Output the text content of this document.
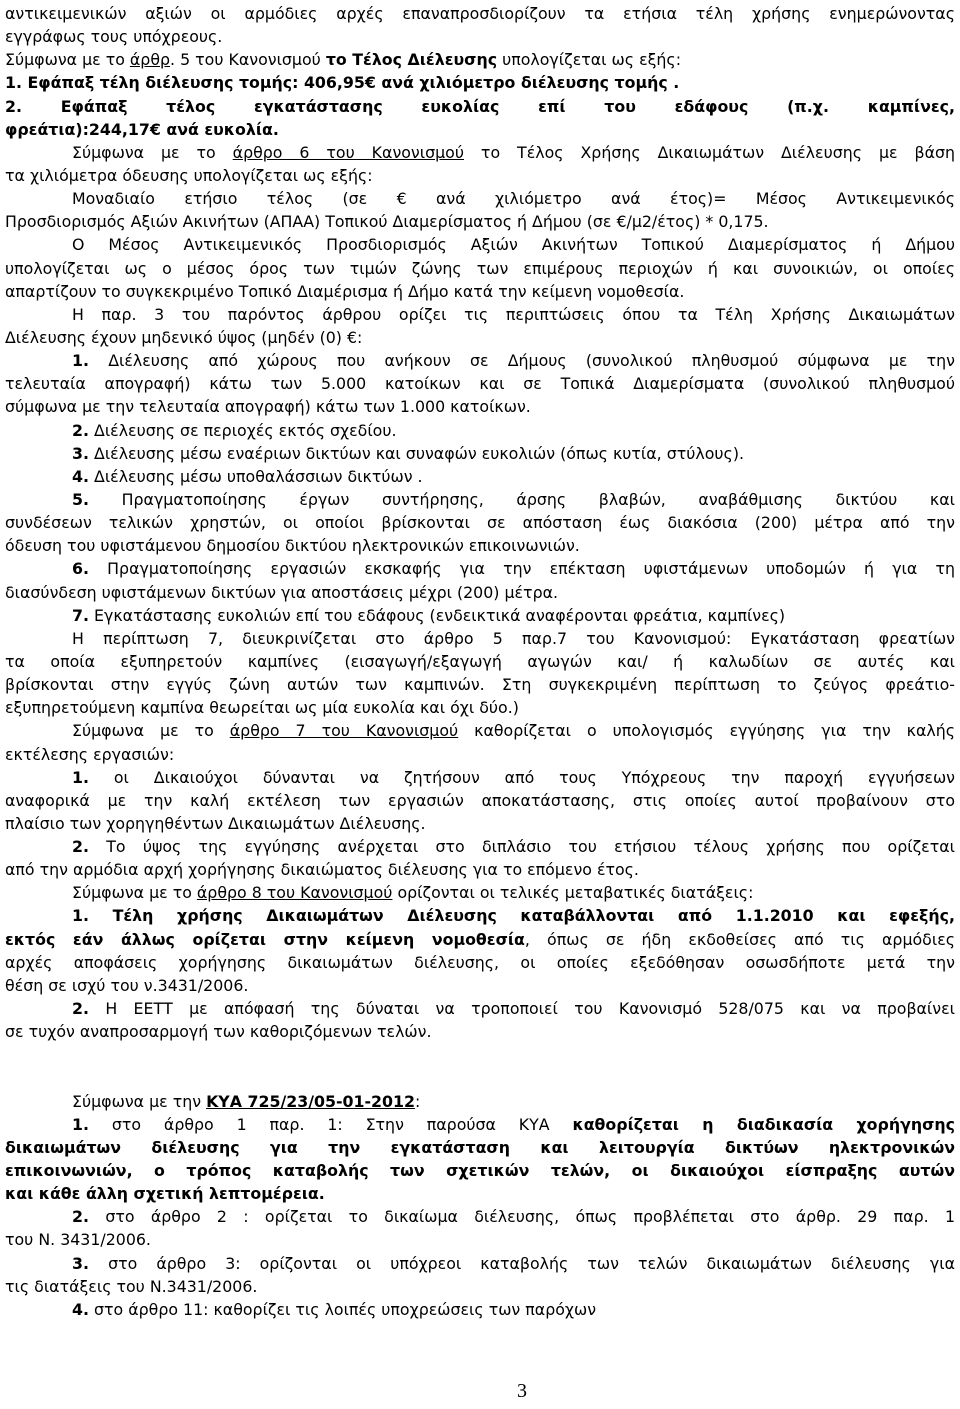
αντικειμενικών αξιών οι αρμόδιες αρχές επαναπροσδιορίζουν τα ετήσια τέλη χρήσης ενημερώνοντας
εγγράφως τους υπόχρεους.
Σύμφωνα με το άρθρ. 5 του Κανονισμού το Τέλος Διέλευσης υπολογίζεται ως εξής:
1. Εφάπαξ τέλη διέλευσης τομής: 406,95€ ανά χιλιόμετρο διέλευσης τομής .
2. Εφάπαξ τέλος εγκατάστασης ευκολίας επί του εδάφους (π.χ. καμπίνες,
φρεάτια):244,17€ ανά ευκολία.
Σύμφωνα με το άρθρο 6 του Κανονισμού το Τέλος Χρήσης Δικαιωμάτων Διέλευσης με βάση
τα χιλιόμετρα όδευσης υπολογίζεται ως εξής:
Μοναδιαίο ετήσιο τέλος (σε € ανά χιλιόμετρο ανά έτος)= Μέσος Αντικειμενικός
Προσδιορισμός Αξιών Ακινήτων (ΑΠΑΑ) Τοπικού Διαμερίσματος ή Δήμου (σε €/μ2/έτος) * 0,175.
Ο Μέσος Αντικειμενικός Προσδιορισμός Αξιών Ακινήτων Τοπικού Διαμερίσματος ή Δήμου
υπολογίζεται ως ο μέσος όρος των τιμών ζώνης των επιμέρους περιοχών ή και συνοικιών, οι οποίες
απαρτίζουν το συγκεκριμένο Τοπικό Διαμέρισμα ή Δήμο κατά την κείμενη νομοθεσία.
Η παρ. 3 του παρόντος άρθρου ορίζει τις περιπτώσεις όπου τα Τέλη Χρήσης Δικαιωμάτων
Διέλευσης έχουν μηδενικό ύψος (μηδέν (0) €:
1. Διέλευσης από χώρους που ανήκουν σε Δήμους (συνολικού πληθυσμού σύμφωνα με την
τελευταία απογραφή) κάτω των 5.000 κατοίκων και σε Τοπικά Διαμερίσματα (συνολικού πληθυσμού
σύμφωνα με την τελευταία απογραφή) κάτω των 1.000 κατοίκων.
2. Διέλευσης σε περιοχές εκτός σχεδίου.
3. Διέλευσης μέσω εναέριων δικτύων και συναφών ευκολιών (όπως κυτία, στύλους).
4. Διέλευσης μέσω υποθαλάσσιων δικτύων .
5. Πραγματοποίησης έργων συντήρησης, άρσης βλαβών, αναβάθμισης δικτύου και
συνδέσεων τελικών χρηστών, οι οποίοι βρίσκονται σε απόσταση έως διακόσια (200) μέτρα από την
όδευση του υφιστάμενου δημοσίου δικτύου ηλεκτρονικών επικοινωνιών.
6. Πραγματοποίησης εργασιών εκσκαφής για την επέκταση υφιστάμενων υποδομών ή για τη
διασύνδεση υφιστάμενων δικτύων για αποστάσεις μέχρι (200) μέτρα.
7. Εγκατάστασης ευκολιών επί του εδάφους (ενδεικτικά αναφέρονται φρεάτια, καμπίνες)
Η περίπτωση 7, διευκρινίζεται στο άρθρο 5 παρ.7 του Κανονισμού: Εγκατάσταση φρεατίων
τα οποία εξυπηρετούν καμπίνες (εισαγωγή/εξαγωγή αγωγών και/ ή καλωδίων σε αυτές και
βρίσκονται στην εγγύς ζώνη αυτών των καμπινών. Στη συγκεκριμένη περίπτωση το ζεύγος φρεάτιο-
εξυπηρετούμενη καμπίνα θεωρείται ως μία ευκολία και όχι δύο.)
Σύμφωνα με το άρθρο 7 του Κανονισμού καθορίζεται ο υπολογισμός εγγύησης για την καλής
εκτέλεσης εργασιών:
1. οι Δικαιούχοι δύνανται να ζητήσουν από τους Υπόχρεους την παροχή εγγυήσεων
αναφορικά με την καλή εκτέλεση των εργασιών αποκατάστασης, στις οποίες αυτοί προβαίνουν στο
πλαίσιο των χορηγηθέντων Δικαιωμάτων Διέλευσης.
2. Το ύψος της εγγύησης ανέρχεται στο διπλάσιο του ετήσιου τέλους χρήσης που ορίζεται
από την αρμόδια αρχή χορήγησης δικαιώματος διέλευσης για το επόμενο έτος.
Σύμφωνα με το άρθρο 8 του Κανονισμού ορίζονται οι τελικές μεταβατικές διατάξεις:
1. Τέλη χρήσης Δικαιωμάτων Διέλευσης καταβάλλονται από 1.1.2010 και εφεξής,
εκτός εάν άλλως ορίζεται στην κείμενη νομοθεσία, όπως σε ήδη εκδοθείσες από τις αρμόδιες
αρχές αποφάσεις χορήγησης δικαιωμάτων διέλευσης, οι οποίες εξεδόθησαν οσωσδήποτε μετά την
θέση σε ισχύ του ν.3431/2006.
2. Η ΕΕΤΤ με απόφασή της δύναται να τροποποιεί του Κανονισμό 528/075 και να προβαίνει
σε τυχόν αναπροσαρμογή των καθοριζόμενων τελών.
Σύμφωνα με την ΚΥΑ 725/23/05-01-2012:
1. στο άρθρο 1 παρ. 1: Στην παρούσα ΚΥΑ καθορίζεται η διαδικασία χορήγησης
δικαιωμάτων διέλευσης για την εγκατάσταση και λειτουργία δικτύων ηλεκτρονικών
επικοινωνιών, ο τρόπος καταβολής των σχετικών τελών, οι δικαιούχοι είσπραξης αυτών
και κάθε άλλη σχετική λεπτομέρεια.
2. στο άρθρο 2 : ορίζεται το δικαίωμα διέλευσης, όπως προβλέπεται στο άρθρ. 29 παρ. 1
του Ν. 3431/2006.
3. στο άρθρο 3: ορίζονται οι υπόχρεοι καταβολής των τελών δικαιωμάτων διέλευσης για
τις διατάξεις του Ν.3431/2006.
4. στο άρθρο 11: καθορίζει τις λοιπές υποχρεώσεις των παρόχων
3
